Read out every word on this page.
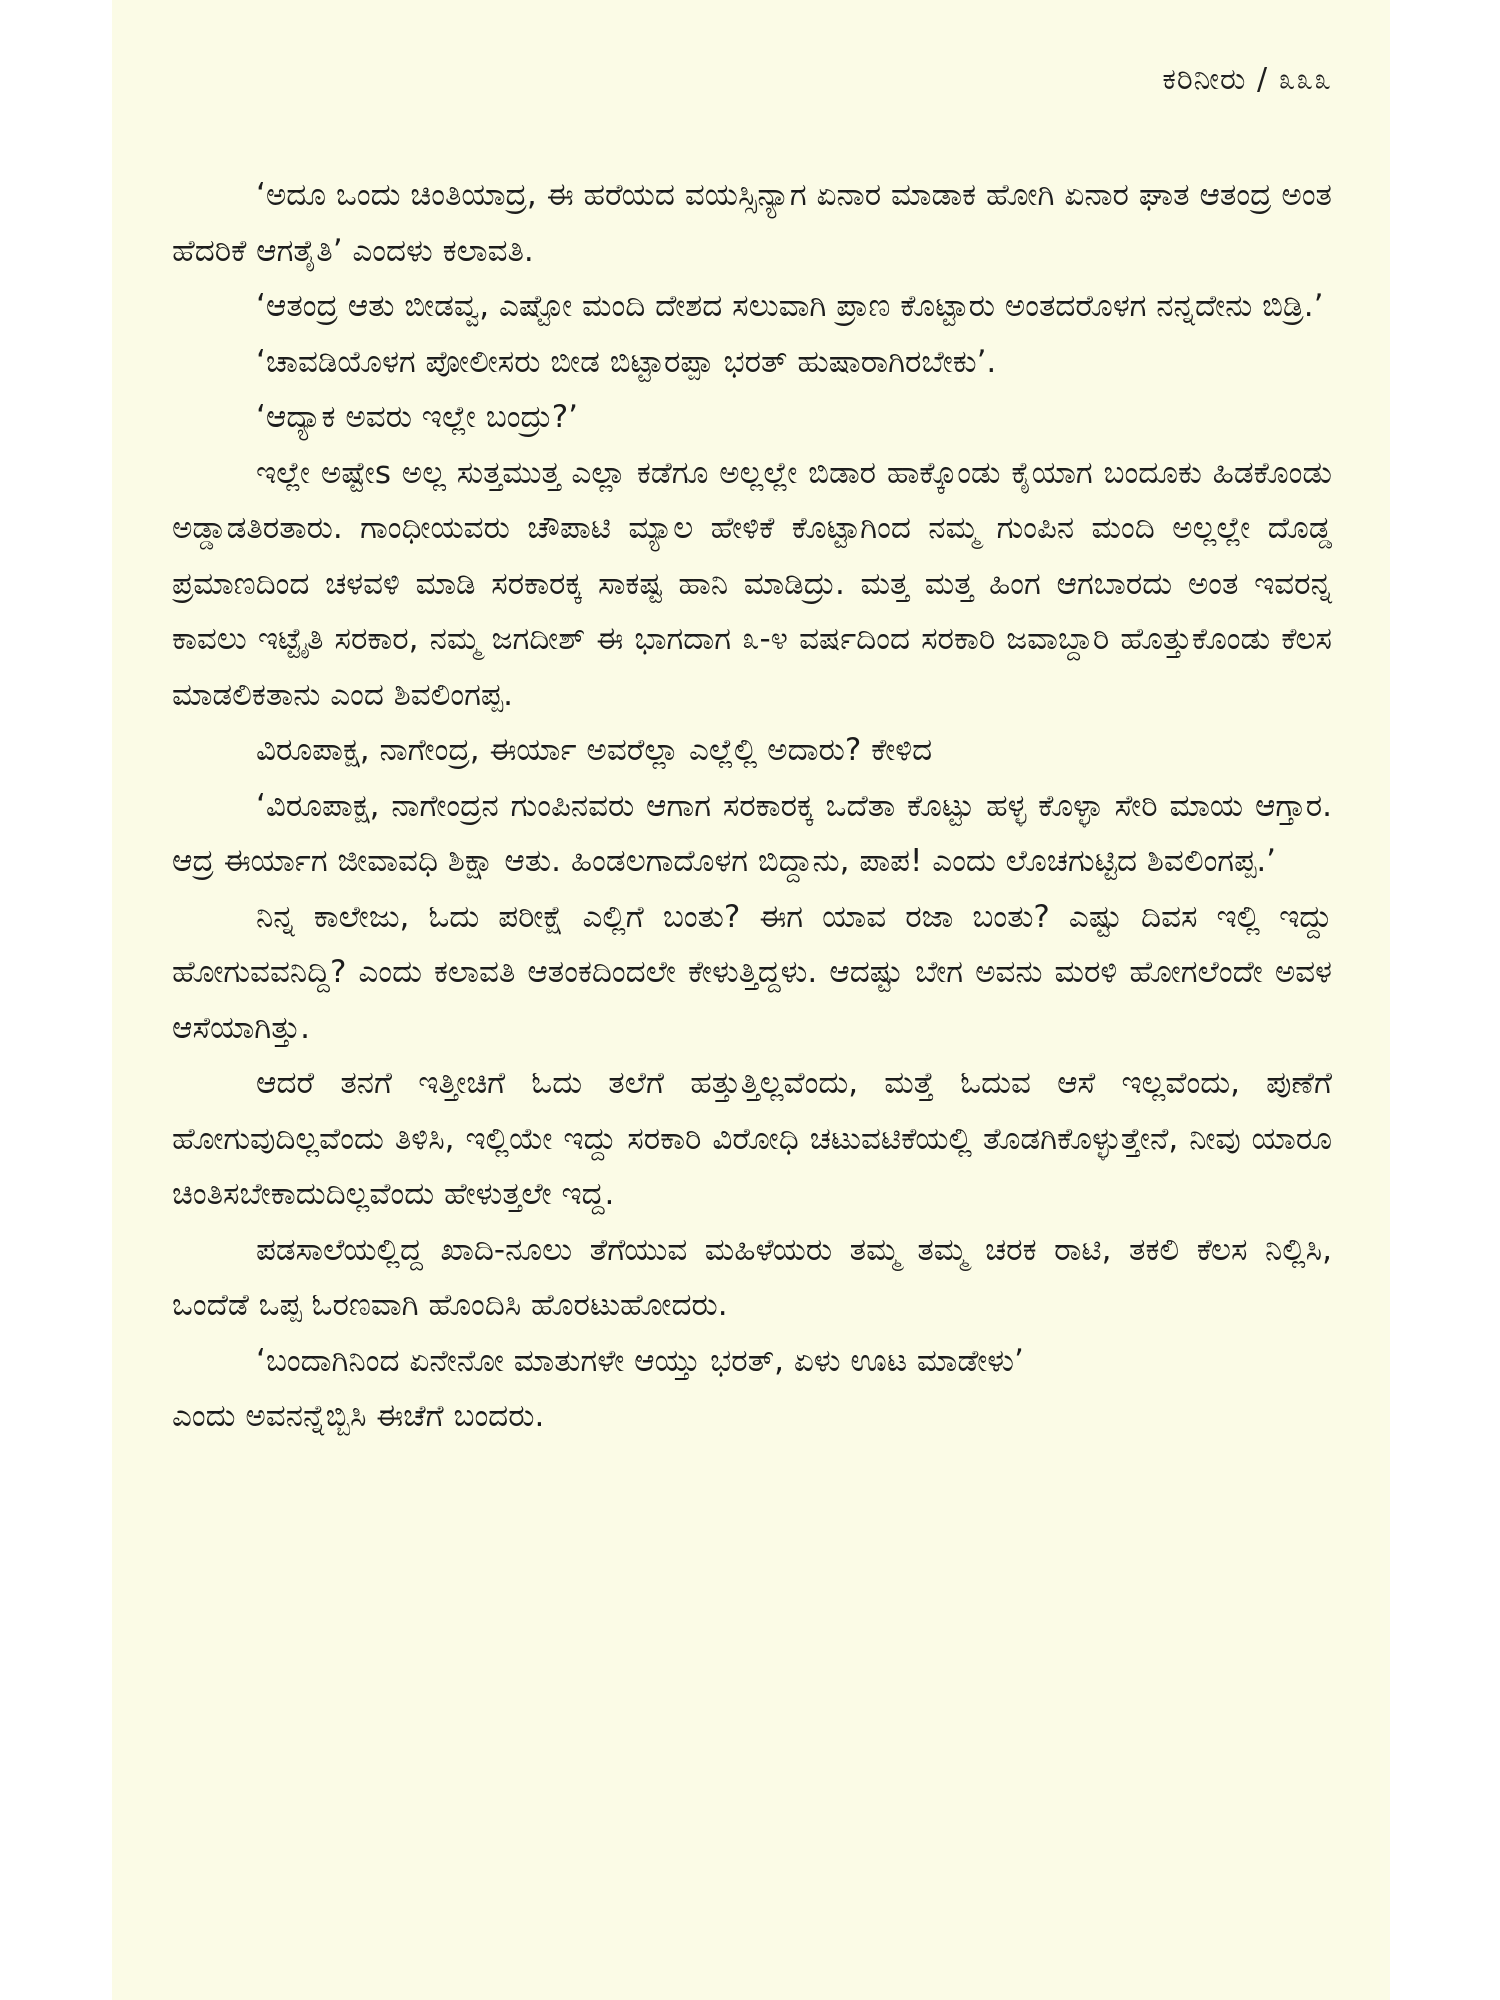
ಕರಿನೀರು / ೩೩೩

‘ಅದೂ ಒಂದು ಚಿಂತಿಯಾದ್ರ, ಈ ಹರೆಯದ ವಯಸ್ಸಿನ್ಯಾಗ ಏನಾರ ಮಾಡಾಕ ಹೋಗಿ ಏನಾರ ಘಾತ ಆತಂದ್ರ ಅಂತ ಹೆದರಿಕೆ ಆಗತೈತಿ’ ಎಂದಳು ಕಲಾವತಿ.

‘ಆತಂದ್ರ ಆತು ಬೀಡವ್ವ, ಎಷ್ಟೋ ಮಂದಿ ದೇಶದ ಸಲುವಾಗಿ ಪ್ರಾಣ ಕೊಟ್ಟಾರು ಅಂತದರೊಳಗ ನನ್ನದೇನು ಬಿಡ್ರಿ.’

‘ಚಾವಡಿಯೊಳಗ ಪೋಲೀಸರು ಬೀಡ ಬಿಟ್ಟಾರಪ್ಪಾ ಭರತ್ ಹುಷಾರಾಗಿರಬೇಕು’.

‘ಆದ್ಯಾಕ ಅವರು ಇಲ್ಲೇ ಬಂದ್ರು?’

ಇಲ್ಲೇ ಅಷ್ಟೇs ಅಲ್ಲ ಸುತ್ತಮುತ್ತ ಎಲ್ಲಾ ಕಡೆಗೂ ಅಲ್ಲಲ್ಲೇ ಬಿಡಾರ ಹಾಕ್ಕೊಂಡು ಕೈಯಾಗ ಬಂದೂಕು ಹಿಡಕೊಂಡು ಅಡ್ಡಾಡತಿರತಾರು. ಗಾಂಧೀಯವರು ಚೌಪಾಟಿ ಮ್ಯಾಲ ಹೇಳಿಕೆ ಕೊಟ್ಟಾಗಿಂದ ನಮ್ಮ ಗುಂಪಿನ ಮಂದಿ ಅಲ್ಲಲ್ಲೇ ದೊಡ್ಡ ಪ್ರಮಾಣದಿಂದ ಚಳವಳಿ ಮಾಡಿ ಸರಕಾರಕ್ಕ ಸಾಕಷ್ಟ ಹಾನಿ ಮಾಡಿದ್ರು. ಮತ್ತ ಮತ್ತ ಹಿಂಗ ಆಗಬಾರದು ಅಂತ ಇವರನ್ನ ಕಾವಲು ಇಟ್ಟೈತಿ ಸರಕಾರ, ನಮ್ಮ ಜಗದೀಶ್ ಈ ಭಾಗದಾಗ ೩-೪ ವರ್ಷದಿಂದ ಸರಕಾರಿ ಜವಾಬ್ದಾರಿ ಹೊತ್ತುಕೊಂಡು ಕೆಲಸ ಮಾಡಲಿಕತಾನು ಎಂದ ಶಿವಲಿಂಗಪ್ಪ.

ವಿರೂಪಾಕ್ಷ, ನಾಗೇಂದ್ರ, ಈರ್ಯಾ ಅವರೆಲ್ಲಾ ಎಲ್ಲೆಲ್ಲಿ ಅದಾರು? ಕೇಳಿದ

‘ವಿರೂಪಾಕ್ಷ, ನಾಗೇಂದ್ರನ ಗುಂಪಿನವರು ಆಗಾಗ ಸರಕಾರಕ್ಕ ಒದೆತಾ ಕೊಟ್ಟು ಹಳ್ಳ ಕೊಳ್ಳಾ ಸೇರಿ ಮಾಯ ಆಗ್ತಾರ. ಆದ್ರ ಈರ್ಯಾಗ ಜೀವಾವಧಿ ಶಿಕ್ಷಾ ಆತು. ಹಿಂಡಲಗಾದೊಳಗ ಬಿದ್ದಾನು, ಪಾಪ! ಎಂದು ಲೊಚಗುಟ್ಟಿದ ಶಿವಲಿಂಗಪ್ಪ.’

ನಿನ್ನ ಕಾಲೇಜು, ಓದು ಪರೀಕ್ಷೆ ಎಲ್ಲಿಗೆ ಬಂತು? ಈಗ ಯಾವ ರಜಾ ಬಂತು? ಎಷ್ಟು ದಿವಸ ಇಲ್ಲಿ ಇದ್ದು ಹೋಗುವವನಿದ್ದಿ? ಎಂದು ಕಲಾವತಿ ಆತಂಕದಿಂದಲೇ ಕೇಳುತ್ತಿದ್ದಳು. ಆದಷ್ಟು ಬೇಗ ಅವನು ಮರಳಿ ಹೋಗಲೆಂದೇ ಅವಳ ಆಸೆಯಾಗಿತ್ತು.

ಆದರೆ ತನಗೆ ಇತ್ತೀಚಿಗೆ ಓದು ತಲೆಗೆ ಹತ್ತುತ್ತಿಲ್ಲವೆಂದು, ಮತ್ತೆ ಓದುವ ಆಸೆ ಇಲ್ಲವೆಂದು, ಪುಣೆಗೆ ಹೋಗುವುದಿಲ್ಲವೆಂದು ತಿಳಿಸಿ, ಇಲ್ಲಿಯೇ ಇದ್ದು ಸರಕಾರಿ ವಿರೋಧಿ ಚಟುವಟಿಕೆಯಲ್ಲಿ ತೊಡಗಿಕೊಳ್ಳುತ್ತೇನೆ, ನೀವು ಯಾರೂ ಚಿಂತಿಸಬೇಕಾದುದಿಲ್ಲವೆಂದು ಹೇಳುತ್ತಲೇ ಇದ್ದ.

ಪಡಸಾಲೆಯಲ್ಲಿದ್ದ ಖಾದಿ-ನೂಲು ತೆಗೆಯುವ ಮಹಿಳೆಯರು ತಮ್ಮ ತಮ್ಮ ಚರಕ ರಾಟಿ, ತಕಲಿ ಕೆಲಸ ನಿಲ್ಲಿಸಿ, ಒಂದೆಡೆ ಒಪ್ಪ ಓರಣವಾಗಿ ಹೊಂದಿಸಿ ಹೊರಟುಹೋದರು.

‘ಬಂದಾಗಿನಿಂದ ಏನೇನೋ ಮಾತುಗಳೇ ಆಯ್ತು ಭರತ್, ಏಳು ಊಟ ಮಾಡೇಳು’

ಎಂದು ಅವನನ್ನೆಬ್ಬಿಸಿ ಈಚೆಗೆ ಬಂದರು.
